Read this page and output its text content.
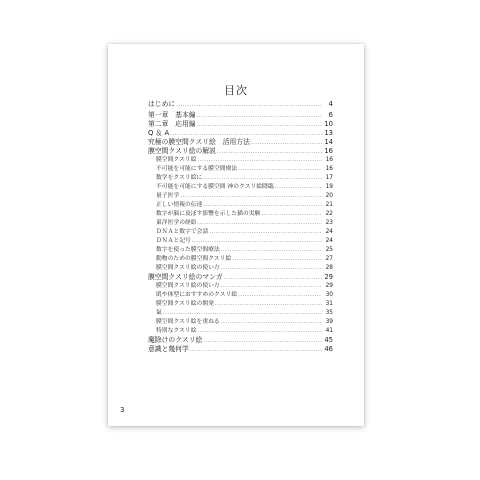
目次
はじめに .....	4
第一章　基本編 .....	6
第二章　応用編 .....	10
Q ＆ A .....	13
究極の膜空間クスリ絵　活用方法 .....	14
膜空間クスリ絵の解説 .....	16
膜空間クスリ絵 .....	16
不可能を可能にする膜空間療法 .....	16
数学をクスリ絵に .....	17
不可能を可能にする膜空間 神のクスリ絵降臨 .....	19
量子医学 .....	20
正しい情報の伝達 .....	21
数字が脳に及ぼす影響を示した猫の実験 .....	22
東洋医学の経絡 .....	23
ＤＮＡと数字で会話 .....	24
ＤＮＡと記号 .....	24
数字を使った膜空間療法 .....	25
動物のための膜空間クスリ絵 .....	27
膜空間クスリ絵の使い方 .....	28
膜空間クスリ絵のマンガ .....	29
膜空間クスリ絵の使い方 .....	29
肌や体型におすすめのクスリ絵 .....	30
膜空間クスリ絵の開発 .....	31
氣 .....	35
膜空間クスリ絵を重ねる .....	39
特別なクスリ絵 .....	41
魔除けのクスリ絵 .....	45
意識と幾何学 .....	46
3
